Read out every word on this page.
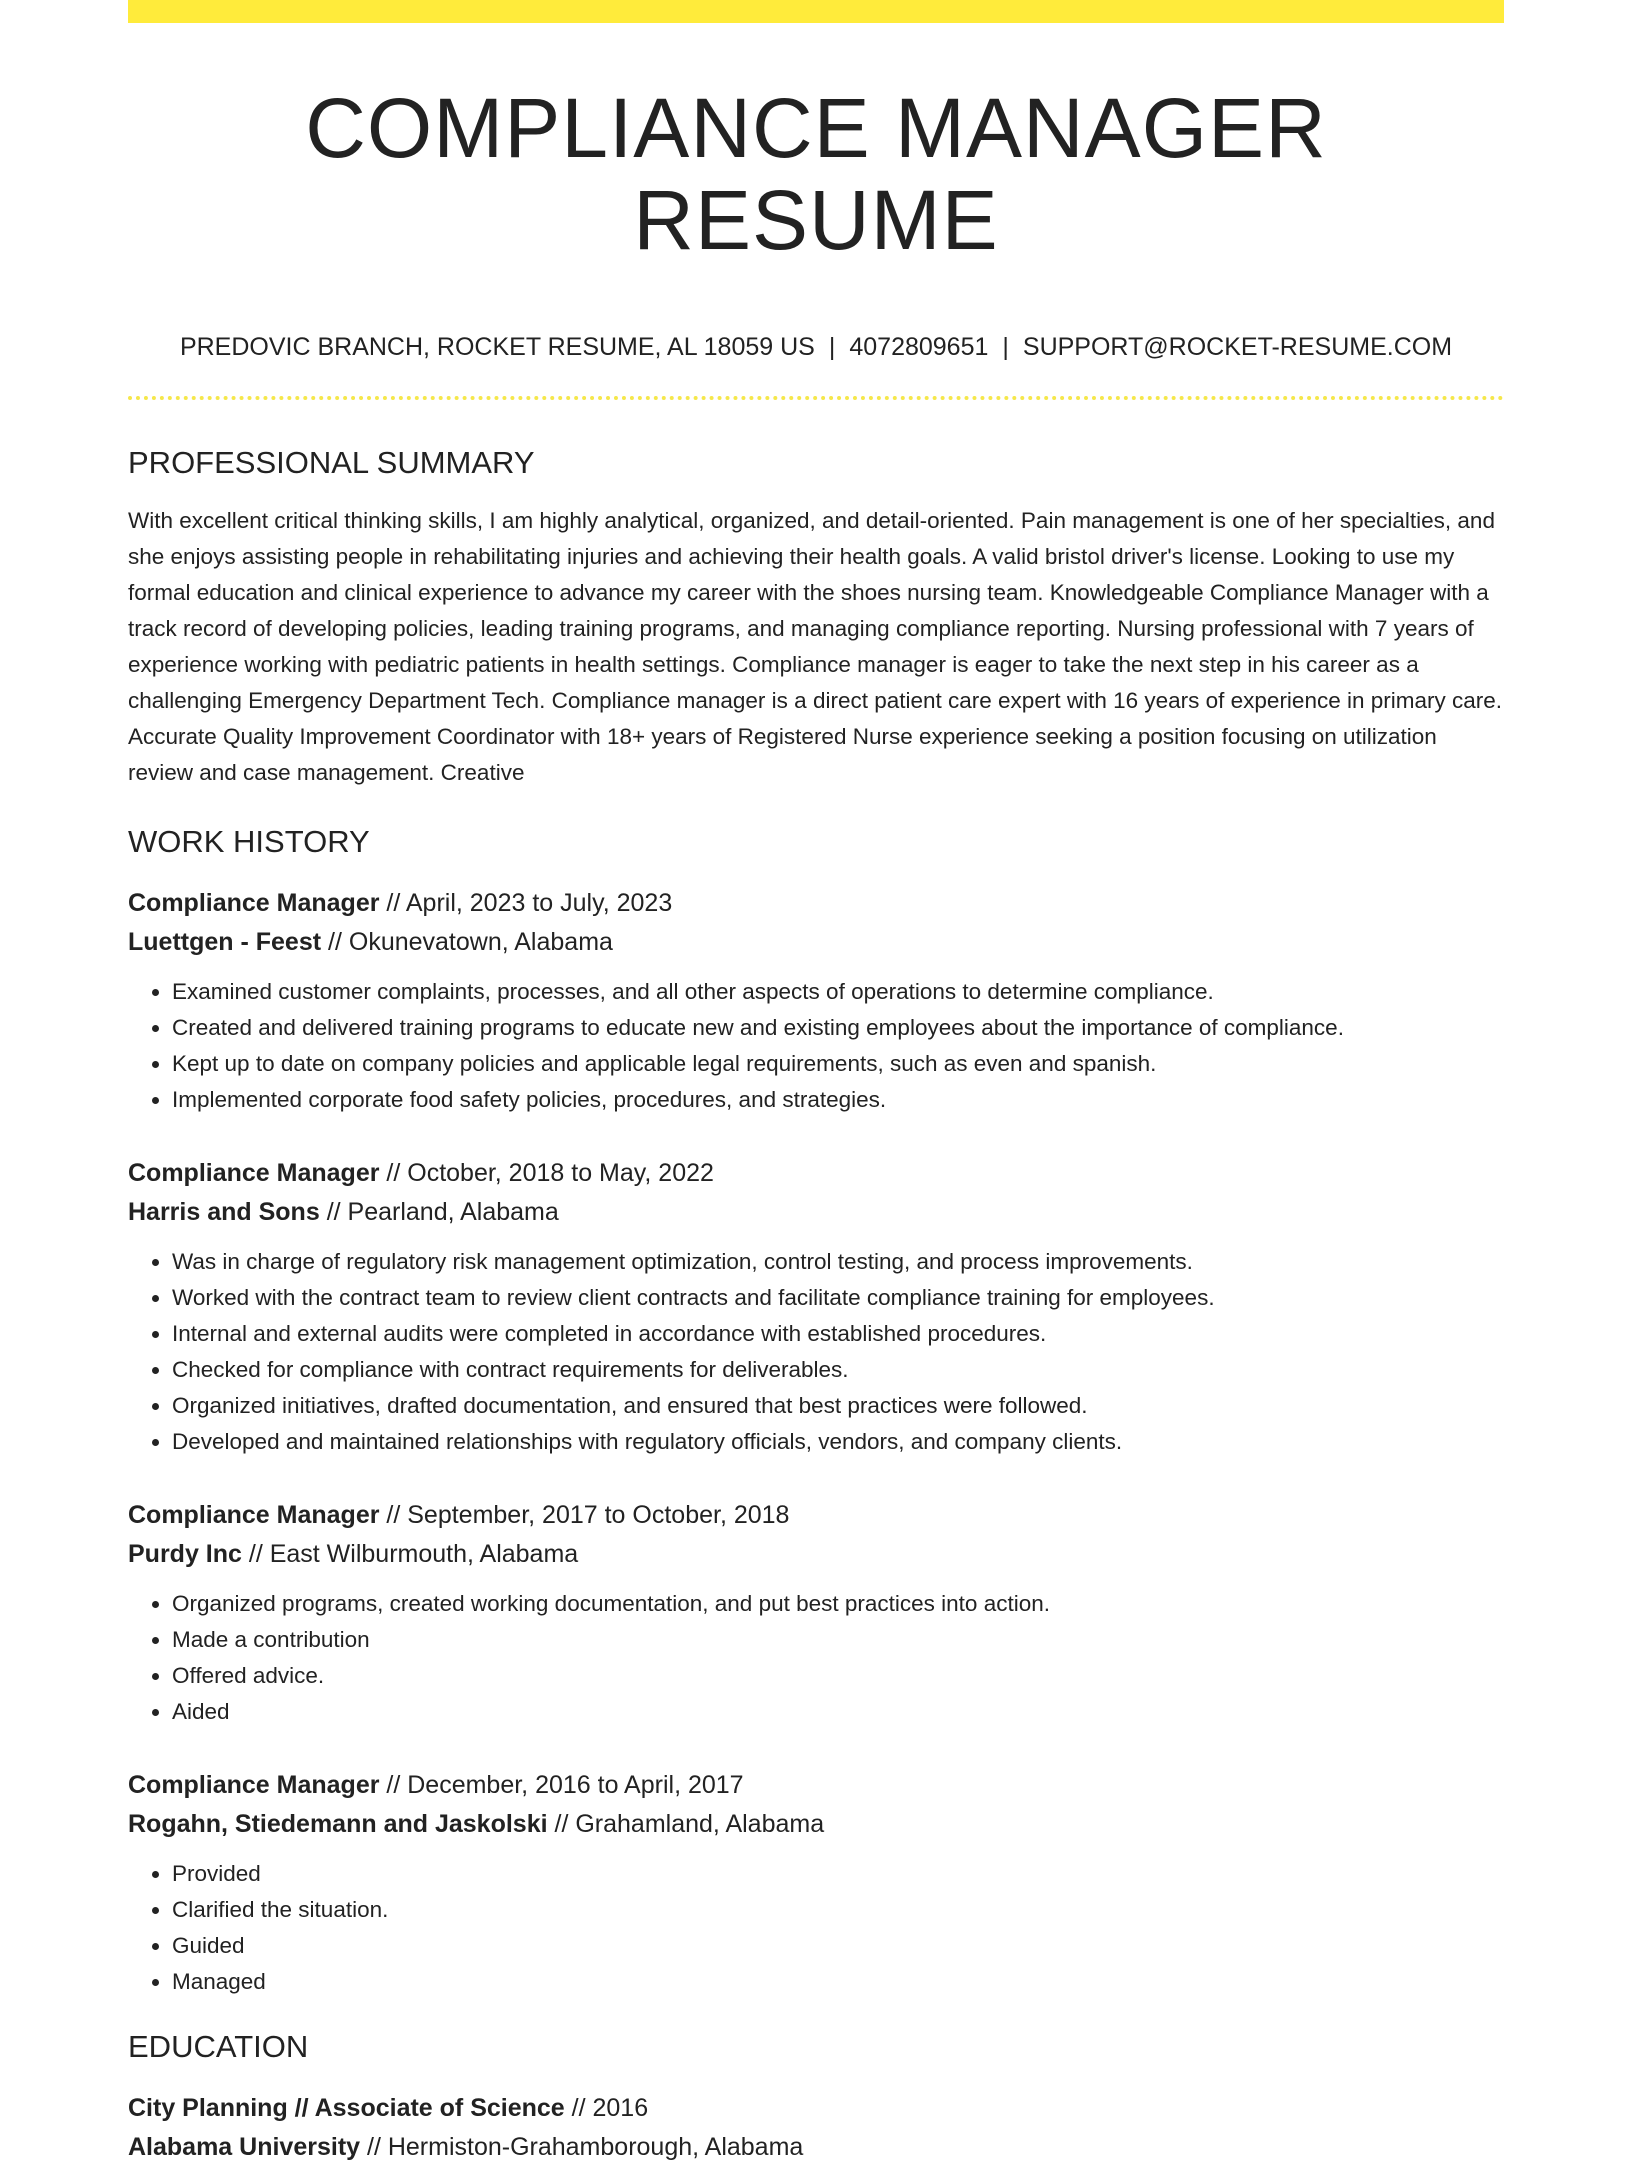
COMPLIANCE MANAGER RESUME
PREDOVIC BRANCH, ROCKET RESUME, AL 18059 US | 4072809651 | SUPPORT@ROCKET-RESUME.COM
PROFESSIONAL SUMMARY

With excellent critical thinking skills, I am highly analytical, organized, and detail-oriented. Pain management is one of her specialties, and she enjoys assisting people in rehabilitating injuries and achieving their health goals. A valid bristol driver's license. Looking to use my formal education and clinical experience to advance my career with the shoes nursing team. Knowledgeable Compliance Manager with a track record of developing policies, leading training programs, and managing compliance reporting. Nursing professional with 7 years of experience working with pediatric patients in health settings. Compliance manager is eager to take the next step in his career as a challenging Emergency Department Tech. Compliance manager is a direct patient care expert with 16 years of experience in primary care. Accurate Quality Improvement Coordinator with 18+ years of Registered Nurse experience seeking a position focusing on utilization review and case management. Creative

WORK HISTORY
Compliance Manager // April, 2023 to July, 2023
Luettgen - Feest // Okunevatown, Alabama
• Examined customer complaints, processes, and all other aspects of operations to determine compliance.
• Created and delivered training programs to educate new and existing employees about the importance of compliance.
• Kept up to date on company policies and applicable legal requirements, such as even and spanish.
• Implemented corporate food safety policies, procedures, and strategies.
Compliance Manager // October, 2018 to May, 2022
Harris and Sons // Pearland, Alabama
• Was in charge of regulatory risk management optimization, control testing, and process improvements.
• Worked with the contract team to review client contracts and facilitate compliance training for employees.
• Internal and external audits were completed in accordance with established procedures.
• Checked for compliance with contract requirements for deliverables.
• Organized initiatives, drafted documentation, and ensured that best practices were followed.
• Developed and maintained relationships with regulatory officials, vendors, and company clients.
Compliance Manager // September, 2017 to October, 2018
Purdy Inc // East Wilburmouth, Alabama
• Organized programs, created working documentation, and put best practices into action.
• Made a contribution
• Offered advice.
• Aided
Compliance Manager // December, 2016 to April, 2017
Rogahn, Stiedemann and Jaskolski // Grahamland, Alabama
• Provided
• Clarified the situation.
• Guided
• Managed
EDUCATION
City Planning // Associate of Science // 2016
Alabama University // Hermiston-Grahamborough, Alabama
